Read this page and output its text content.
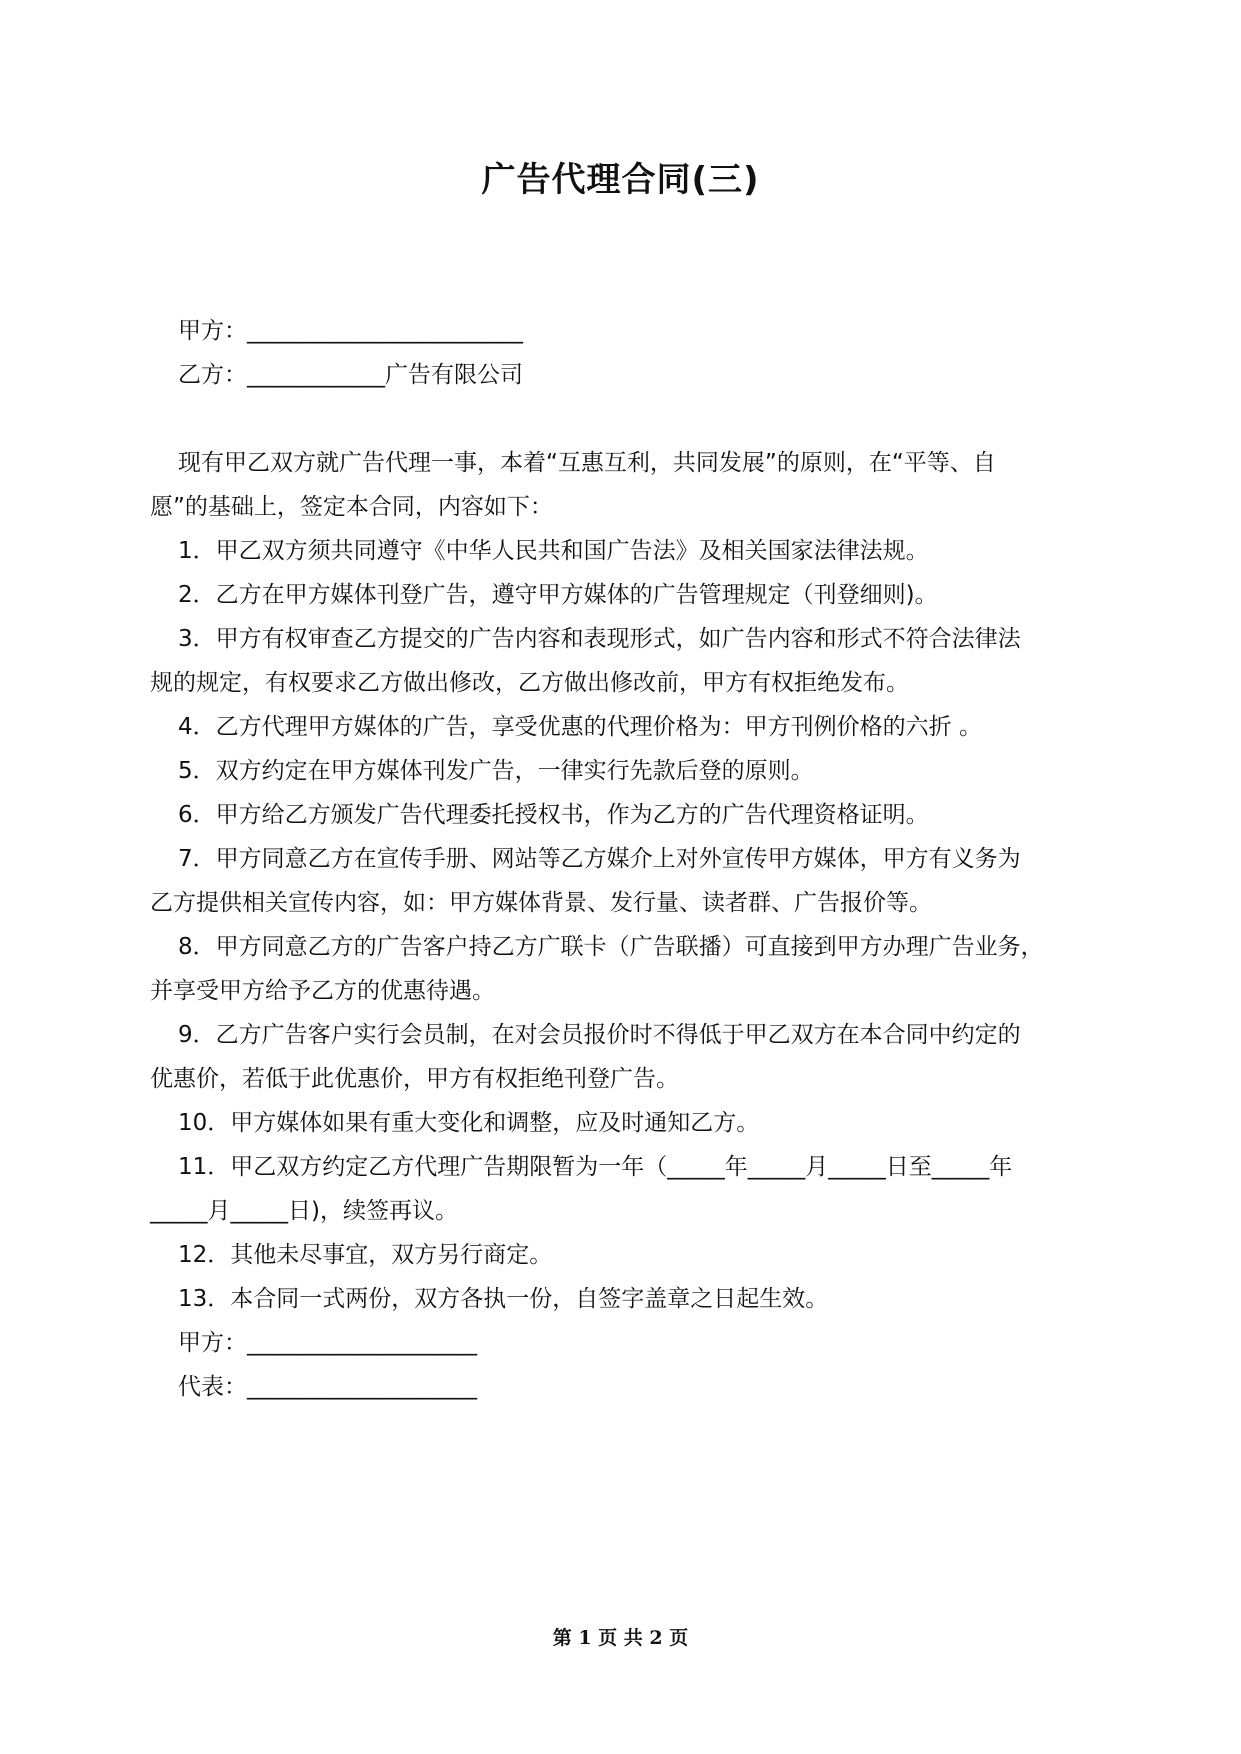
广告代理合同(三)
甲方：________________________
乙方：____________广告有限公司
现有甲乙双方就广告代理一事，本着“互惠互利，共同发展”的原则，在“平等、自
愿”的基础上，签定本合同，内容如下：
1．甲乙双方须共同遵守《中华人民共和国广告法》及相关国家法律法规。
2．乙方在甲方媒体刊登广告，遵守甲方媒体的广告管理规定（刊登细则)。
3．甲方有权审查乙方提交的广告内容和表现形式，如广告内容和形式不符合法律法
规的规定，有权要求乙方做出修改，乙方做出修改前，甲方有权拒绝发布。
4．乙方代理甲方媒体的广告，享受优惠的代理价格为：甲方刊例价格的六折 。
5．双方约定在甲方媒体刊发广告，一律实行先款后登的原则。
6．甲方给乙方颁发广告代理委托授权书，作为乙方的广告代理资格证明。
7．甲方同意乙方在宣传手册、网站等乙方媒介上对外宣传甲方媒体，甲方有义务为
乙方提供相关宣传内容，如：甲方媒体背景、发行量、读者群、广告报价等。
8．甲方同意乙方的广告客户持乙方广联卡（广告联播）可直接到甲方办理广告业务，
并享受甲方给予乙方的优惠待遇。
9．乙方广告客户实行会员制，在对会员报价时不得低于甲乙双方在本合同中约定的
优惠价，若低于此优惠价，甲方有权拒绝刊登广告。
10．甲方媒体如果有重大变化和调整，应及时通知乙方。
11．甲乙双方约定乙方代理广告期限暂为一年（_____年_____月_____日至_____年
_____月_____日)，续签再议。
12．其他未尽事宜，双方另行商定。
13．本合同一式两份，双方各执一份，自签字盖章之日起生效。
甲方：____________________
代表：____________________
第 1 页 共 2 页
